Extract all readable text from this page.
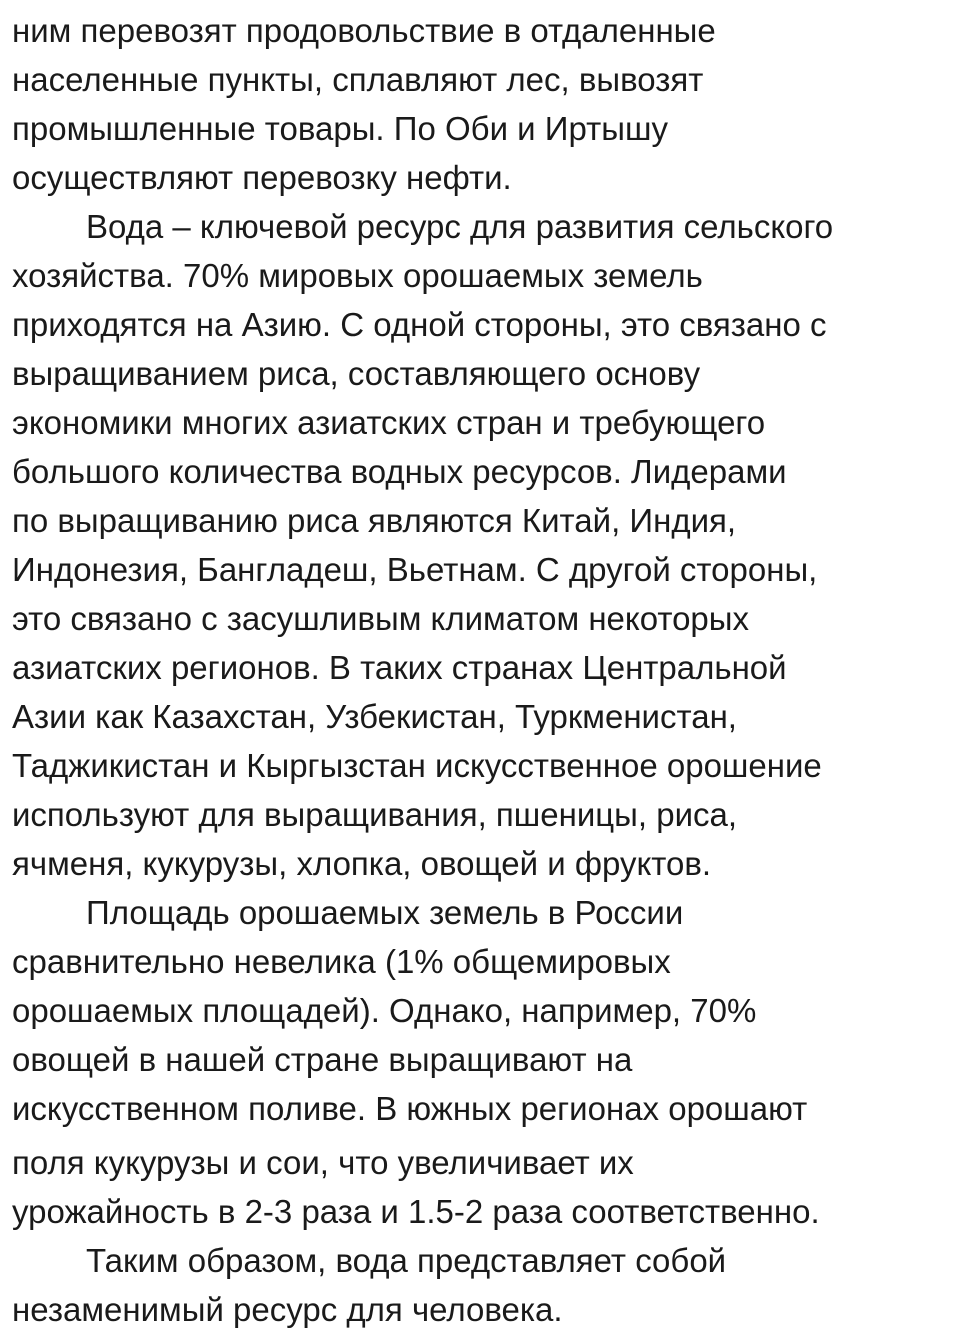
ним перевозят продовольствие в отдаленные
населенные пункты, сплавляют лес, вывозят
промышленные товары. По Оби и Иртышу
осуществляют перевозку нефти.
Вода – ключевой ресурс для развития сельского
хозяйства. 70% мировых орошаемых земель
приходятся на Азию. С одной стороны, это связано с
выращиванием риса, составляющего основу
экономики многих азиатских стран и требующего
большого количества водных ресурсов. Лидерами
по выращиванию риса являются Китай, Индия,
Индонезия, Бангладеш, Вьетнам. С другой стороны,
это связано с засушливым климатом некоторых
азиатских регионов. В таких странах Центральной
Азии как Казахстан, Узбекистан, Туркменистан,
Таджикистан и Кыргызстан искусственное орошение
используют для выращивания, пшеницы, риса,
ячменя, кукурузы, хлопка, овощей и фруктов.
Площадь орошаемых земель в России
сравнительно невелика (1% общемировых
орошаемых площадей). Однако, например, 70%
овощей в нашей стране выращивают на
искусственном поливе. В южных регионах орошают
поля кукурузы и сои, что увеличивает их
урожайность в 2-3 раза и 1.5-2 раза соответственно.
Таким образом, вода представляет собой
незаменимый ресурс для человека.
